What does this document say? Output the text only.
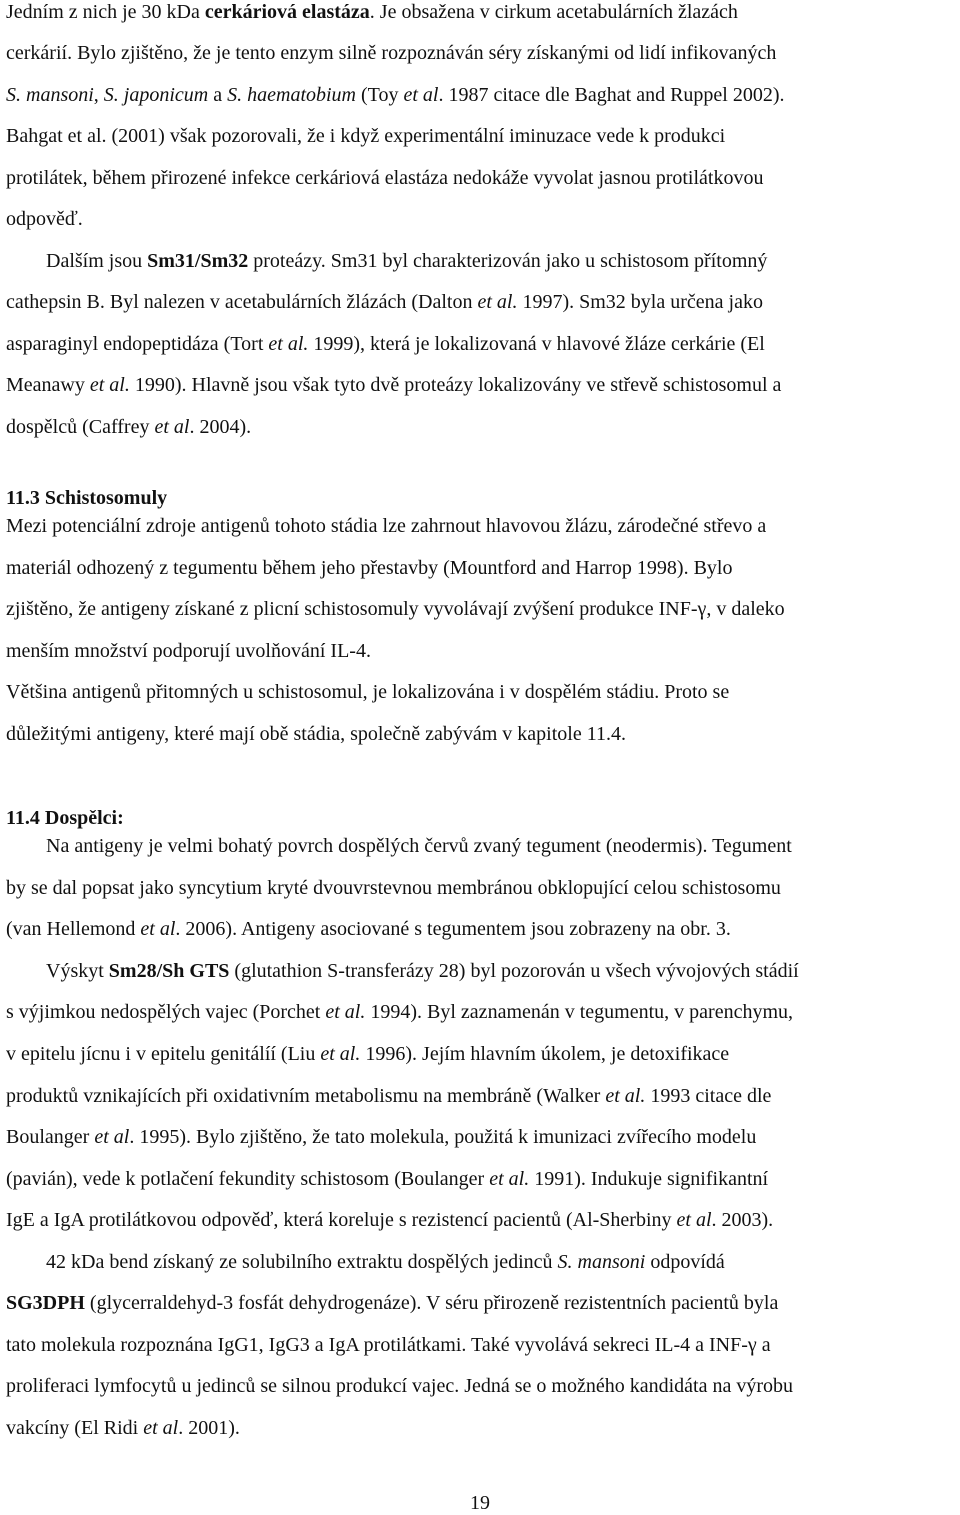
Jedním z nich je 30 kDa cerkáriová elastáza. Je obsažena v cirkum acetabulárních žlazách
cerkárií. Bylo zjištěno, že je tento enzym silně rozpoznáván séry získanými od lidí infikovaných
S. mansoni, S. japonicum a S. haematobium (Toy et al. 1987 citace dle Baghat and Ruppel 2002).
Bahgat et al. (2001) však pozorovali, že i když experimentální iminuzace vede k produkci
protilátek, během přirozené infekce cerkáriová elastáza nedokáže vyvolat jasnou protilátkovou
odpověď.
Dalším jsou Sm31/Sm32 proteázy. Sm31 byl charakterizován jako u schistosom přítomný
cathepsin B. Byl nalezen v acetabulárních žlázách (Dalton et al. 1997). Sm32 byla určena jako
asparaginyl endopeptidáza (Tort et al. 1999), která je lokalizovaná v hlavové žláze cerkárie (El
Meanawy et al. 1990). Hlavně jsou však tyto dvě proteázy lokalizovány ve střevě schistosomul a
dospělců (Caffrey et al. 2004).
11.3 Schistosomuly
Mezi potenciální zdroje antigenů tohoto stádia lze zahrnout hlavovou žlázu, zárodečné střevo a
materiál odhozený z tegumentu během jeho přestavby (Mountford and Harrop 1998). Bylo
zjištěno, že antigeny získané z plicní schistosomuly vyvolávají zvýšení produkce INF-γ, v daleko
menším množství podporují uvolňování IL-4.
Většina antigenů přitomných u schistosomul, je lokalizována i v dospělém stádiu. Proto se
důležitými antigeny, které mají obě stádia, společně zabývám v kapitole 11.4.
11.4 Dospělci:
Na antigeny je velmi bohatý povrch dospělých červů zvaný tegument (neodermis). Tegument
by se dal popsat jako syncytium kryté dvouvrstevnou membránou obklopující celou schistosomu
(van Hellemond et al. 2006). Antigeny asociované s tegumentem jsou zobrazeny na obr. 3.
Výskyt Sm28/Sh GTS (glutathion S-transferázy 28) byl pozorován u všech vývojových stádií
s výjimkou nedospělých vajec (Porchet et al. 1994). Byl zaznamenán v tegumentu, v parenchymu,
v epitelu jícnu i v epitelu genitálíí (Liu et al. 1996). Jejím hlavním úkolem, je detoxifikace
produktů vznikajících při oxidativním metabolismu na membráně (Walker et al. 1993 citace dle
Boulanger et al. 1995). Bylo zjištěno, že tato molekula, použitá k imunizaci zvířecího modelu
(pavián), vede k potlačení fekundity schistosom (Boulanger et al. 1991). Indukuje signifikantní
IgE a IgA protilátkovou odpověď, která koreluje s rezistencí pacientů (Al-Sherbiny et al. 2003).
42 kDa bend získaný ze solubilního extraktu dospělých jedinců S. mansoni odpovídá
SG3DPH (glycerraldehyd-3 fosfát dehydrogenáze). V séru přirozeně rezistentních pacientů byla
tato molekula rozpoznána IgG1, IgG3 a IgA protilátkami. Také vyvolává sekreci IL-4 a INF-γ a
proliferaci lymfocytů u jedinců se silnou produkcí vajec. Jedná se o možného kandidáta na výrobu
vakcíny (El Ridi et al. 2001).
19
